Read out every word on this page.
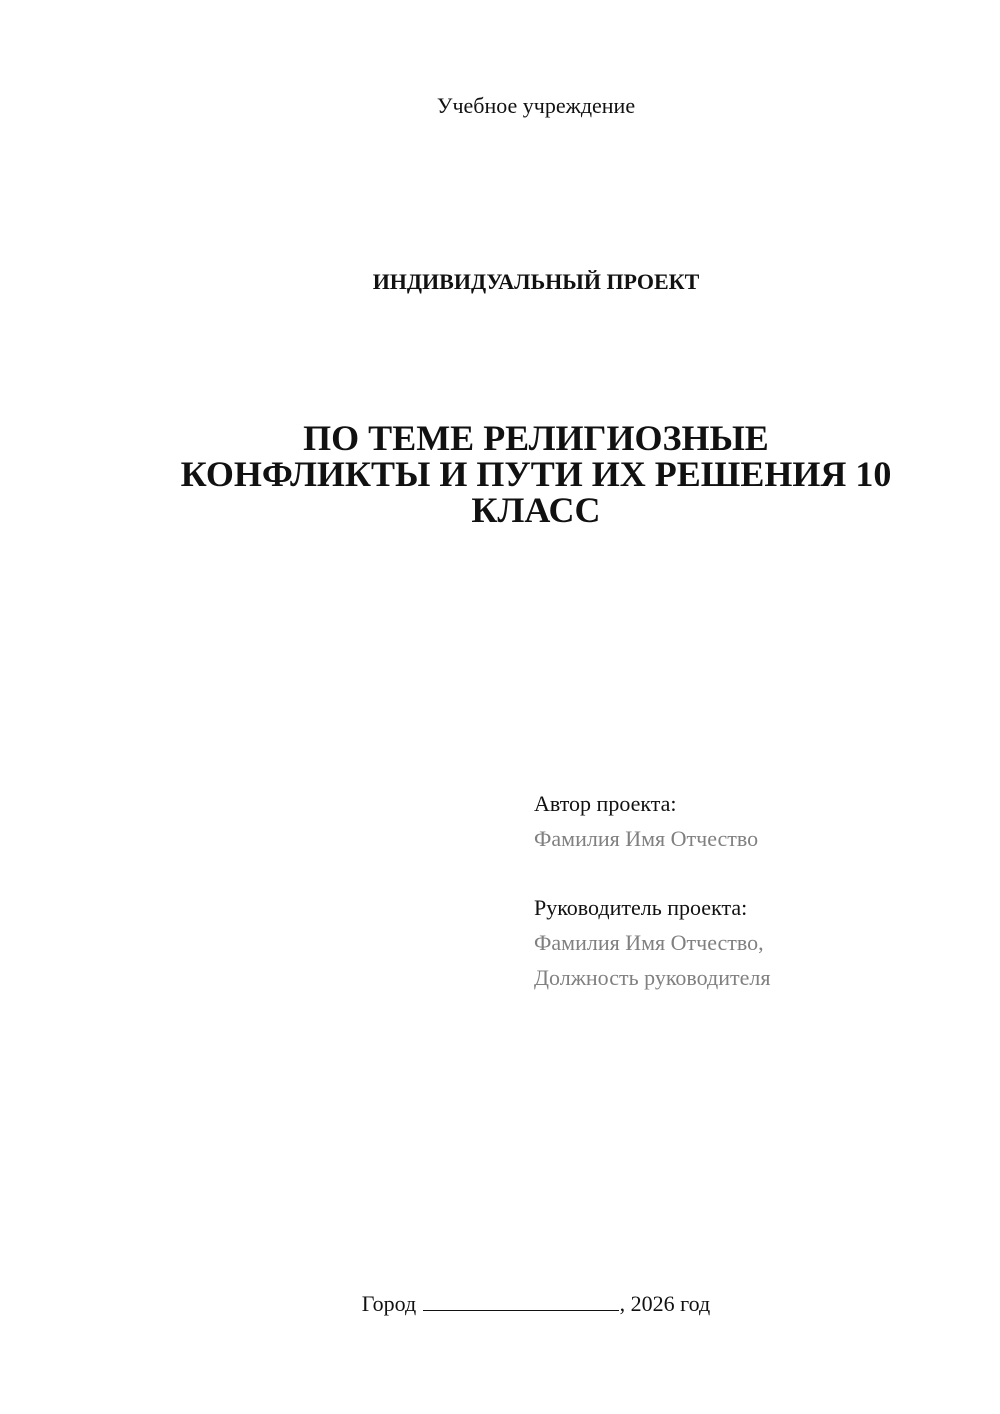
Учебное учреждение
ИНДИВИДУАЛЬНЫЙ ПРОЕКТ
ПО ТЕМЕ РЕЛИГИОЗНЫЕ
КОНФЛИКТЫ И ПУТИ ИХ РЕШЕНИЯ 10
КЛАСС
Автор проекта:
Фамилия Имя Отчество
Руководитель проекта:
Фамилия Имя Отчество,
Должность руководителя
Город	, 2026 год
